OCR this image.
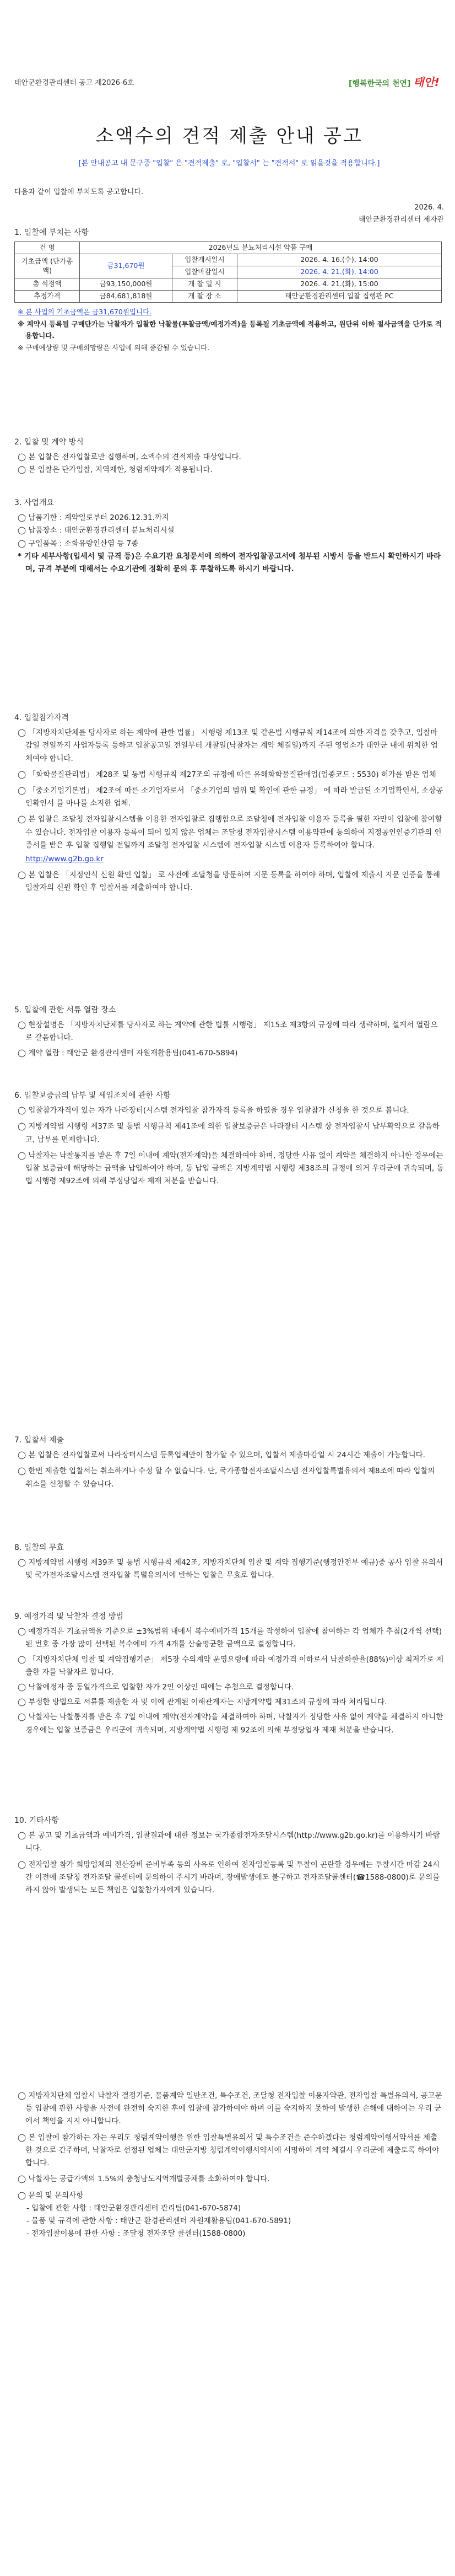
태안군환경관리센터 공고 제2026-6호	[행복한국의 천연] 태안!
소액수의 견적 제출 안내 공고
[본 안내공고 내 문구중 "입찰" 은 "견적제출" 로, "입찰서" 는 "견적서" 로 읽을것을 적용합니다.]
다음과 같이 입찰에 부치도록 공고합니다.
2026. 4.
태안군환경관리센터 제자관
1. 입찰에 부치는 사항
건 명	2026년도 분뇨처리시설 약품 구매		
기초금액 (단가총액)	금31,670원	입찰개시일시	2026. 4. 16.(수), 14:00
		입찰마감일시	2026. 4. 21.(화), 14:00
총 석정액	금93,150,000원	개 찰 일 시	2026. 4. 21.(화), 15:00
추정가격	금84,681,818원	개 찰 장 소	태안군환경관리센터 입찰 집행관 PC
※ 본 사업의 기초금액은 금31,670원입니다.
※ 계약시 등록될 구매단가는 낙찰자가 입찰한 낙찰률(투찰금액/예정가격)을 등록될 기초금액에 적용하고, 원단위 이하 절사금액을 단가로 적용합니다.
※ 구매예상량 및 구매희망량은 사업에 의해 증감될 수 있습니다.
2. 입찰 및 계약 방식
◯ 본 입찰은 전자입찰로만 집행하며, 소액수의 견적제출 대상입니다.
◯ 본 입찰은 단가입찰, 지역제한, 청렴계약제가 적용됩니다.
3. 사업개요
◯ 납품기한 : 계약일로부터 2026.12.31.까지
◯ 납품장소 : 태안군환경관리센터 분뇨처리시설
◯ 구입품목 : 소화유량인산염 등 7종
* 기타 세부사항(입세서 및 규격 등)은 수요기관 요청문서에 의하여 전자입찰공고서에 첨부된 시방서 등을 반드시 확인하시기 바라며, 규격 부분에 대해서는 수요기관에 정확히 문의 후 투찰하도록 하시기 바랍니다.
4. 입찰참가자격
◯ 「지방자치단체를 당사자로 하는 계약에 관한 법률」 시행령 제13조 및 같은법 시행규칙 제14조에 의한 자격을 갖추고, 입찰마감일 전일까지 사업자등록 등하고 입찰공고일 전일부터 개찰일(낙찰자는 계약 체결일)까지 주된 영업소가 태안군 내에 위치한 업체여야 합니다.
◯ 「화학물질관리법」 제28조 및 동법 시행규칙 제27조의 규정에 따른 유해화학물질판매업(업종코드 : 5530) 허가를 받은 업체
◯ 「중소기업기본법」 제2조에 따른 소기업자로서 「중소기업의 범위 및 확인에 관한 규정」 에 따라 발급된 소기업확인서, 소상공인확인서 를 마나를 소지한 업체.
◯ 본 입찰은 조달청 전자입찰시스템을 이용한 전자입찰로 집행함으로 조달청에 전자입찰 이용자 등록을 필한 자만이 입찰에 참여할 수 있습니다. 전자입찰 이용자 등록이 되어 있지 않은 업체는 조달청 전자입찰시스템 이용약관에 동의하여 지정공인인증기관의 인증서를 받은 후 입찰 집행일 전일까지 조달청 전자입찰 시스템에 전자입찰 시스템 이용자 등록하여야 합니다.
http://www.g2b.go.kr
◯ 본 입찰은 「지정인식 신원 확인 입찰」 로 사전에 조달청을 방문하여 지문 등록을 하여야 하며, 입찰에 제출시 지문 인증을 통해 입찰자의 신원 확인 후 입찰서를 제출하여야 합니다.
5. 입찰에 관한 서류 열람 장소
◯ 현장설명은 「지방자치단체를 당사자로 하는 계약에 관한 법률 시행령」 제15조 제3항의 규정에 따라 생략하며, 설계서 열람으로 갈음합니다.
◯ 계약 열람 : 태안군 환경관리센터 자원재활용팀(041-670-5894)
6. 입찰보증금의 납부 및 세입조치에 관한 사항
◯ 입찰참가자격이 있는 자가 나라장터(시스템 전자입찰 참가자격 등록을 하였을 경우 입찰참가 신청을 한 것으로 봅니다.
◯ 지방계약법 시행령 제37조 및 동법 시행규칙 제41조에 의한 입찰보증금은 나라장터 시스템 상 전자입찰서 납부확약으로 갈음하고, 납부를 면제합니다.
◯ 낙찰자는 낙찰통지를 받은 후 7일 이내에 계약(전자계약)을 체결하여야 하며, 정당한 사유 없이 계약을 체결하지 아니한 경우에는 입찰 보증금에 해당하는 금액을 납입하여야 하며, 동 납입 금액은 지방계약법 시행령 제38조의 규정에 의거 우리군에 귀속되며, 동법 시행령 제92조에 의해 부정당업자 제재 처분을 받습니다.
7. 입찰서 제출
◯ 본 입찰은 전자입찰로써 나라장터시스템 등록업체만이 참가할 수 있으며, 입찰서 제출마감일 시 24시간 제출이 가능합니다.
◯ 한번 제출한 입찰서는 취소하거나 수정 할 수 없습니다. 단, 국가종합전자조달시스템 전자입찰특별유의서 제8조에 따라 입찰의 취소를 신청할 수 있습니다.
8. 입찰의 무효
◯ 지방계약법 시행령 제39조 및 동법 시행규칙 제42조, 지방자치단체 입찰 및 계약 집행기준(행정안전부 예규)중 공사 입찰 유의서 및 국가전자조달시스템 전자입찰 특별유의서에 반하는 입찰은 무효로 합니다.
9. 예정가격 및 낙찰자 결정 방법
◯ 예정가격은 기초금액을 기준으로 ±3%범위 내에서 복수예비가격 15개를 작성하여 입찰에 참여하는 각 업체가 추첨(2개씩 선택)된 번호 중 가장 많이 선택된 복수예비 가격 4개를 산술평균한 금액으로 결정합니다.
◯ 「지방자치단체 입찰 및 계약집행기준」 제5장 수의계약 운영요령에 따라 예정가격 이하로서 낙찰하한율(88%)이상 최저가로 제출한 자를 낙찰자로 합니다.
◯ 낙찰예정자 중 동일가격으로 입찰한 자가 2인 이상인 때에는 추첨으로 결정합니다.
◯ 부정한 방법으로 서류를 제출한 자 및 이에 관계된 이해관계자는 지방계약법 제31조의 규정에 따라 처리됩니다.
◯ 낙찰자는 낙찰통지를 받은 후 7일 이내에 계약(전자계약)을 체결하여야 하며, 낙찰자가 정당한 사유 없이 계약을 체결하지 아니한 경우에는 입찰 보증금은 우리군에 귀속되며, 지방계약법 시행령 제 92조에 의해 부정당업자 제재 처분을 받습니다.
10. 기타사항
◯ 본 공고 및 기초금액과 예비가격, 입찰결과에 대한 정보는 국가종합전자조달시스템(http://www.g2b.go.kr)를 이용하시기 바랍니다.
◯ 전자입찰 참가 희망업체의 전산장비 준비부족 등의 사유로 인하여 전자입찰등록 및 투찰이 곤란할 경우에는 투찰시간 마감 24시간 이전에 조달청 전자조달 콜센터에 문의하여 주시기 바라며, 장애발생에도 불구하고 전자조달콜센터(☎1588-0800)로 문의를 하지 않아 발생되는 모든 책임은 입찰참가자에게 있습니다.
◯ 지방자치단체 입찰시 낙찰자 결정기준, 물품계약 일반조건, 특수조건, 조달청 전자입찰 이용자약관, 전자입찰 특별유의서, 공고문 등 입찰에 관한 사항을 사전에 완전히 숙지한 후에 입찰에 참가하여야 하며 이를 숙지하지 못하여 발생한 손해에 대하여는 우리 군에서 책임을 지지 아니합니다.
◯ 본 입찰에 참가하는 자는 우리도 청렴계약이행을 위한 입찰특별유의서 및 특수조건을 준수하겠다는 청렴계약이행서약서를 제출한 것으로 간주하며, 낙찰자로 선정된 업체는 태안군지방 청렴계약이행서약서에 서명하여 계약 체결시 우리군에 제출토록 하여야 합니다.
◯ 낙찰자는 공급가액의 1.5%의 충청남도지역개발공채를 소화하여야 합니다.
◯ 문의 및 문의사항
- 입찰에 관한 사항 : 태안군환경관리센터 관리팀(041-670-5874)
- 물품 및 규격에 관한 사항 : 태안군 환경관리센터 자원재활용팀(041-670-5891)
- 전자입찰이용에 관한 사항 : 조달청 전자조달 콜센터(1588-0800)
